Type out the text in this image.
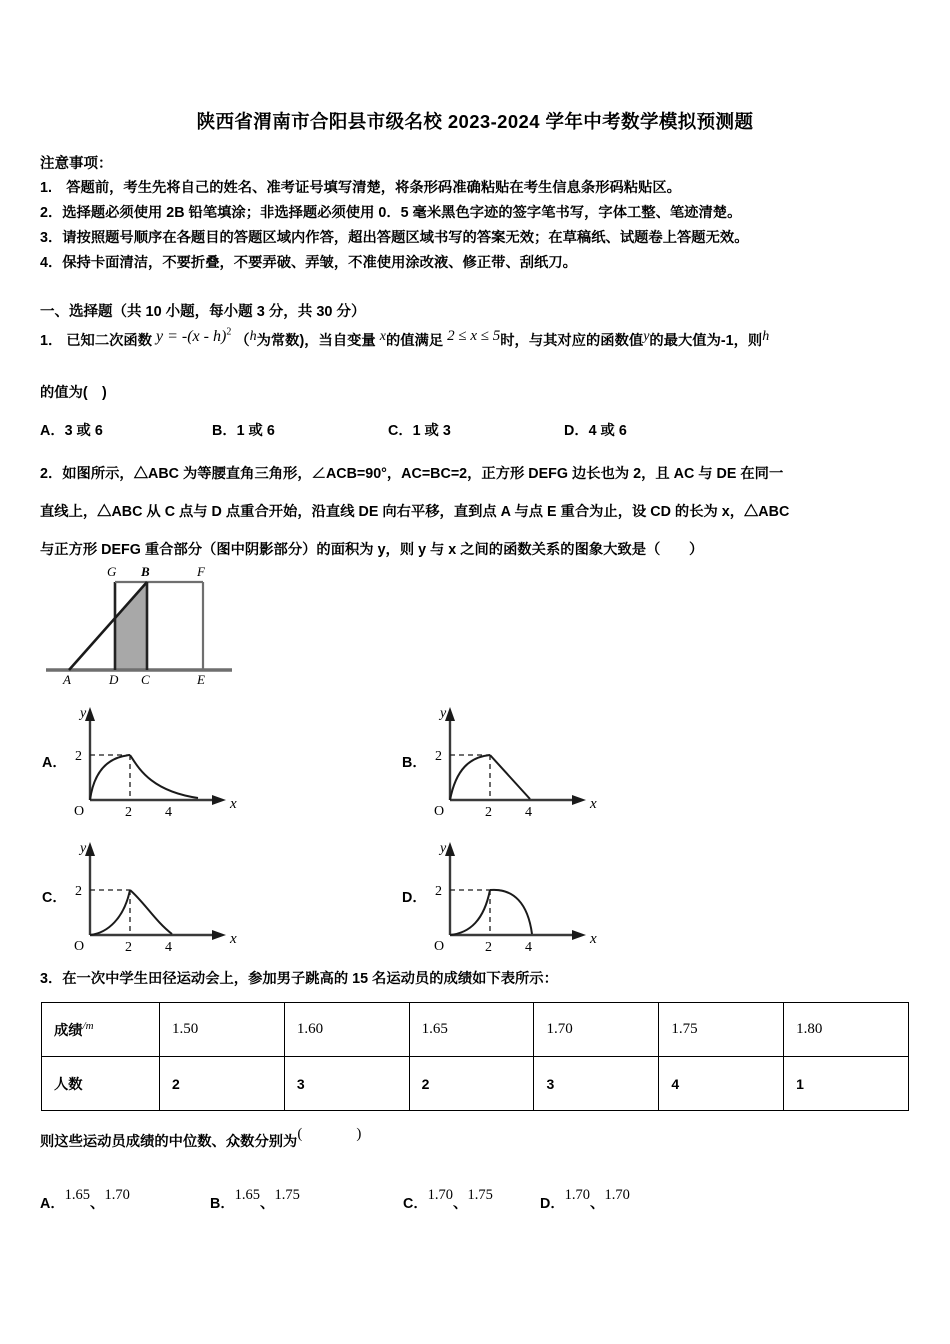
陕西省渭南市合阳县市级名校 2023-2024 学年中考数学模拟预测题
注意事项：
1.　答题前，考生先将自己的姓名、准考证号填写清楚，将条形码准确粘贴在考生信息条形码粘贴区。
2．选择题必须使用 2B 铅笔填涂；非选择题必须使用 0．5 毫米黑色字迹的签字笔书写，字体工整、笔迹清楚。
3．请按照题号顺序在各题目的答题区域内作答，超出答题区域书写的答案无效；在草稿纸、试题卷上答题无效。
4．保持卡面清洁，不要折叠，不要弄破、弄皱，不准使用涂改液、修正带、刮纸刀。
一、选择题（共 10 小题，每小题 3 分，共 30 分）
1． 已知二次函数 y = -(x - h)$^2$ （h为常数)，当自变量 x的值满足 2 ≤ x ≤ 5时，与其对应的函数值y的最大值为-1，则h
的值为(　)
A．3 或 6	B．1 或 6	C．1 或 3	D．4 或 6
2．如图所示，△ABC 为等腰直角三角形，∠ACB=90°，AC=BC=2，正方形 DEFG 边长也为 2，且 AC 与 DE 在同一
直线上，△ABC 从 C 点与 D 点重合开始，沿直线 DE 向右平移，直到点 A 与点 E 重合为止，设 CD 的长为 x，△ABC
与正方形 DEFG 重合部分（图中阴影部分）的面积为 y，则 y 与 x 之间的函数关系的图象大致是（　　）
G B	F
A	D C	E
A． 2
O	2 4
x
y
B． 2
O	2 4
x
y
C． 2
O	2 4
x
y
D． 2
O	2 4
x
y
3．在一次中学生田径运动会上，参加男子跳高的 15 名运动员的成绩如下表所示：
成绩$^{/m}$	1.50	1.60	1.65	1.70	1.75	1.80
人数	2	3	2	3	4	1
则这些运动员成绩的中位数、众数分别为(　　)
A．1.65、1.70
B．1.65、1.75
C．1.70、1.75
D．1.70、1.70
